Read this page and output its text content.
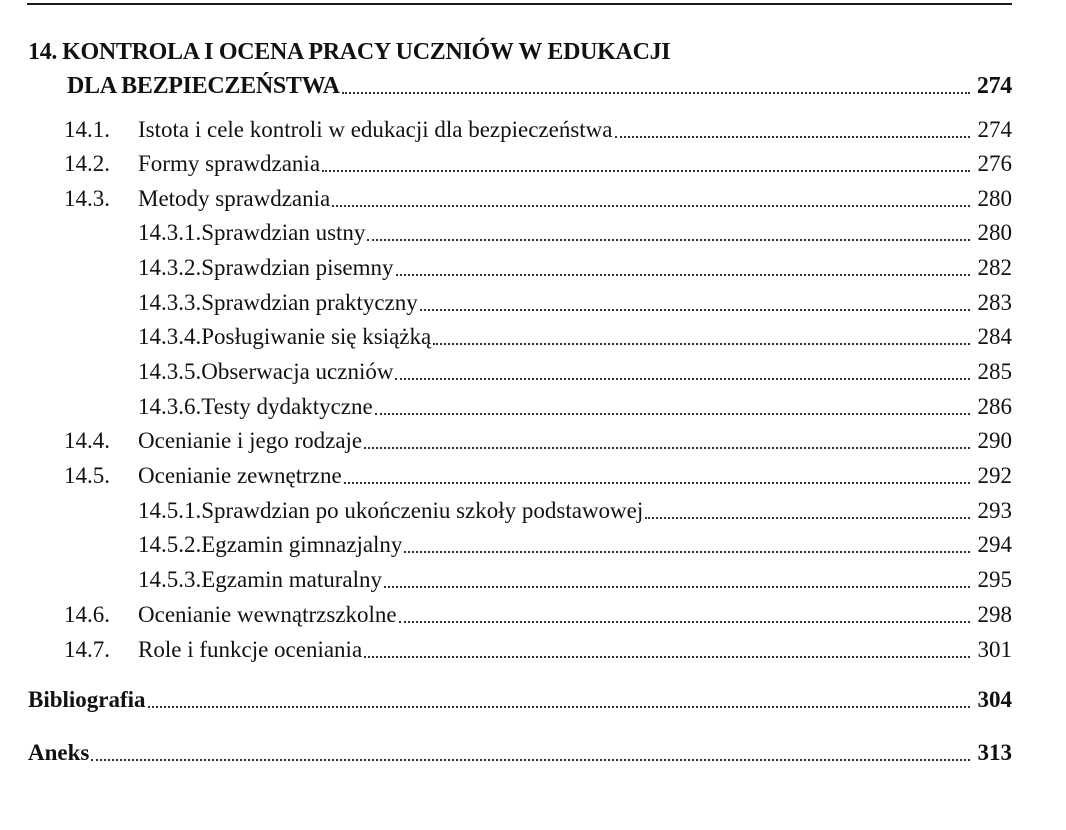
14. KONTROLA I OCENA PRACY UCZNIÓW W EDUKACJI
DLA BEZPIECZEŃSTWA	274
14.1.	Istota i cele kontroli w edukacji dla bezpieczeństwa	274
14.2.	Formy sprawdzania	276
14.3.	Metody sprawdzania	280
14.3.1. Sprawdzian ustny	280
14.3.2. Sprawdzian pisemny	282
14.3.3. Sprawdzian praktyczny	283
14.3.4. Posługiwanie się książką	284
14.3.5. Obserwacja uczniów	285
14.3.6. Testy dydaktyczne	286
14.4.	Ocenianie i jego rodzaje	290
14.5.	Ocenianie zewnętrzne	292
14.5.1. Sprawdzian po ukończeniu szkoły podstawowej	293
14.5.2. Egzamin gimnazjalny	294
14.5.3. Egzamin maturalny	295
14.6.	Ocenianie wewnątrzszkolne	298
14.7.	Role i funkcje oceniania	301
Bibliografia	304
Aneks	313
